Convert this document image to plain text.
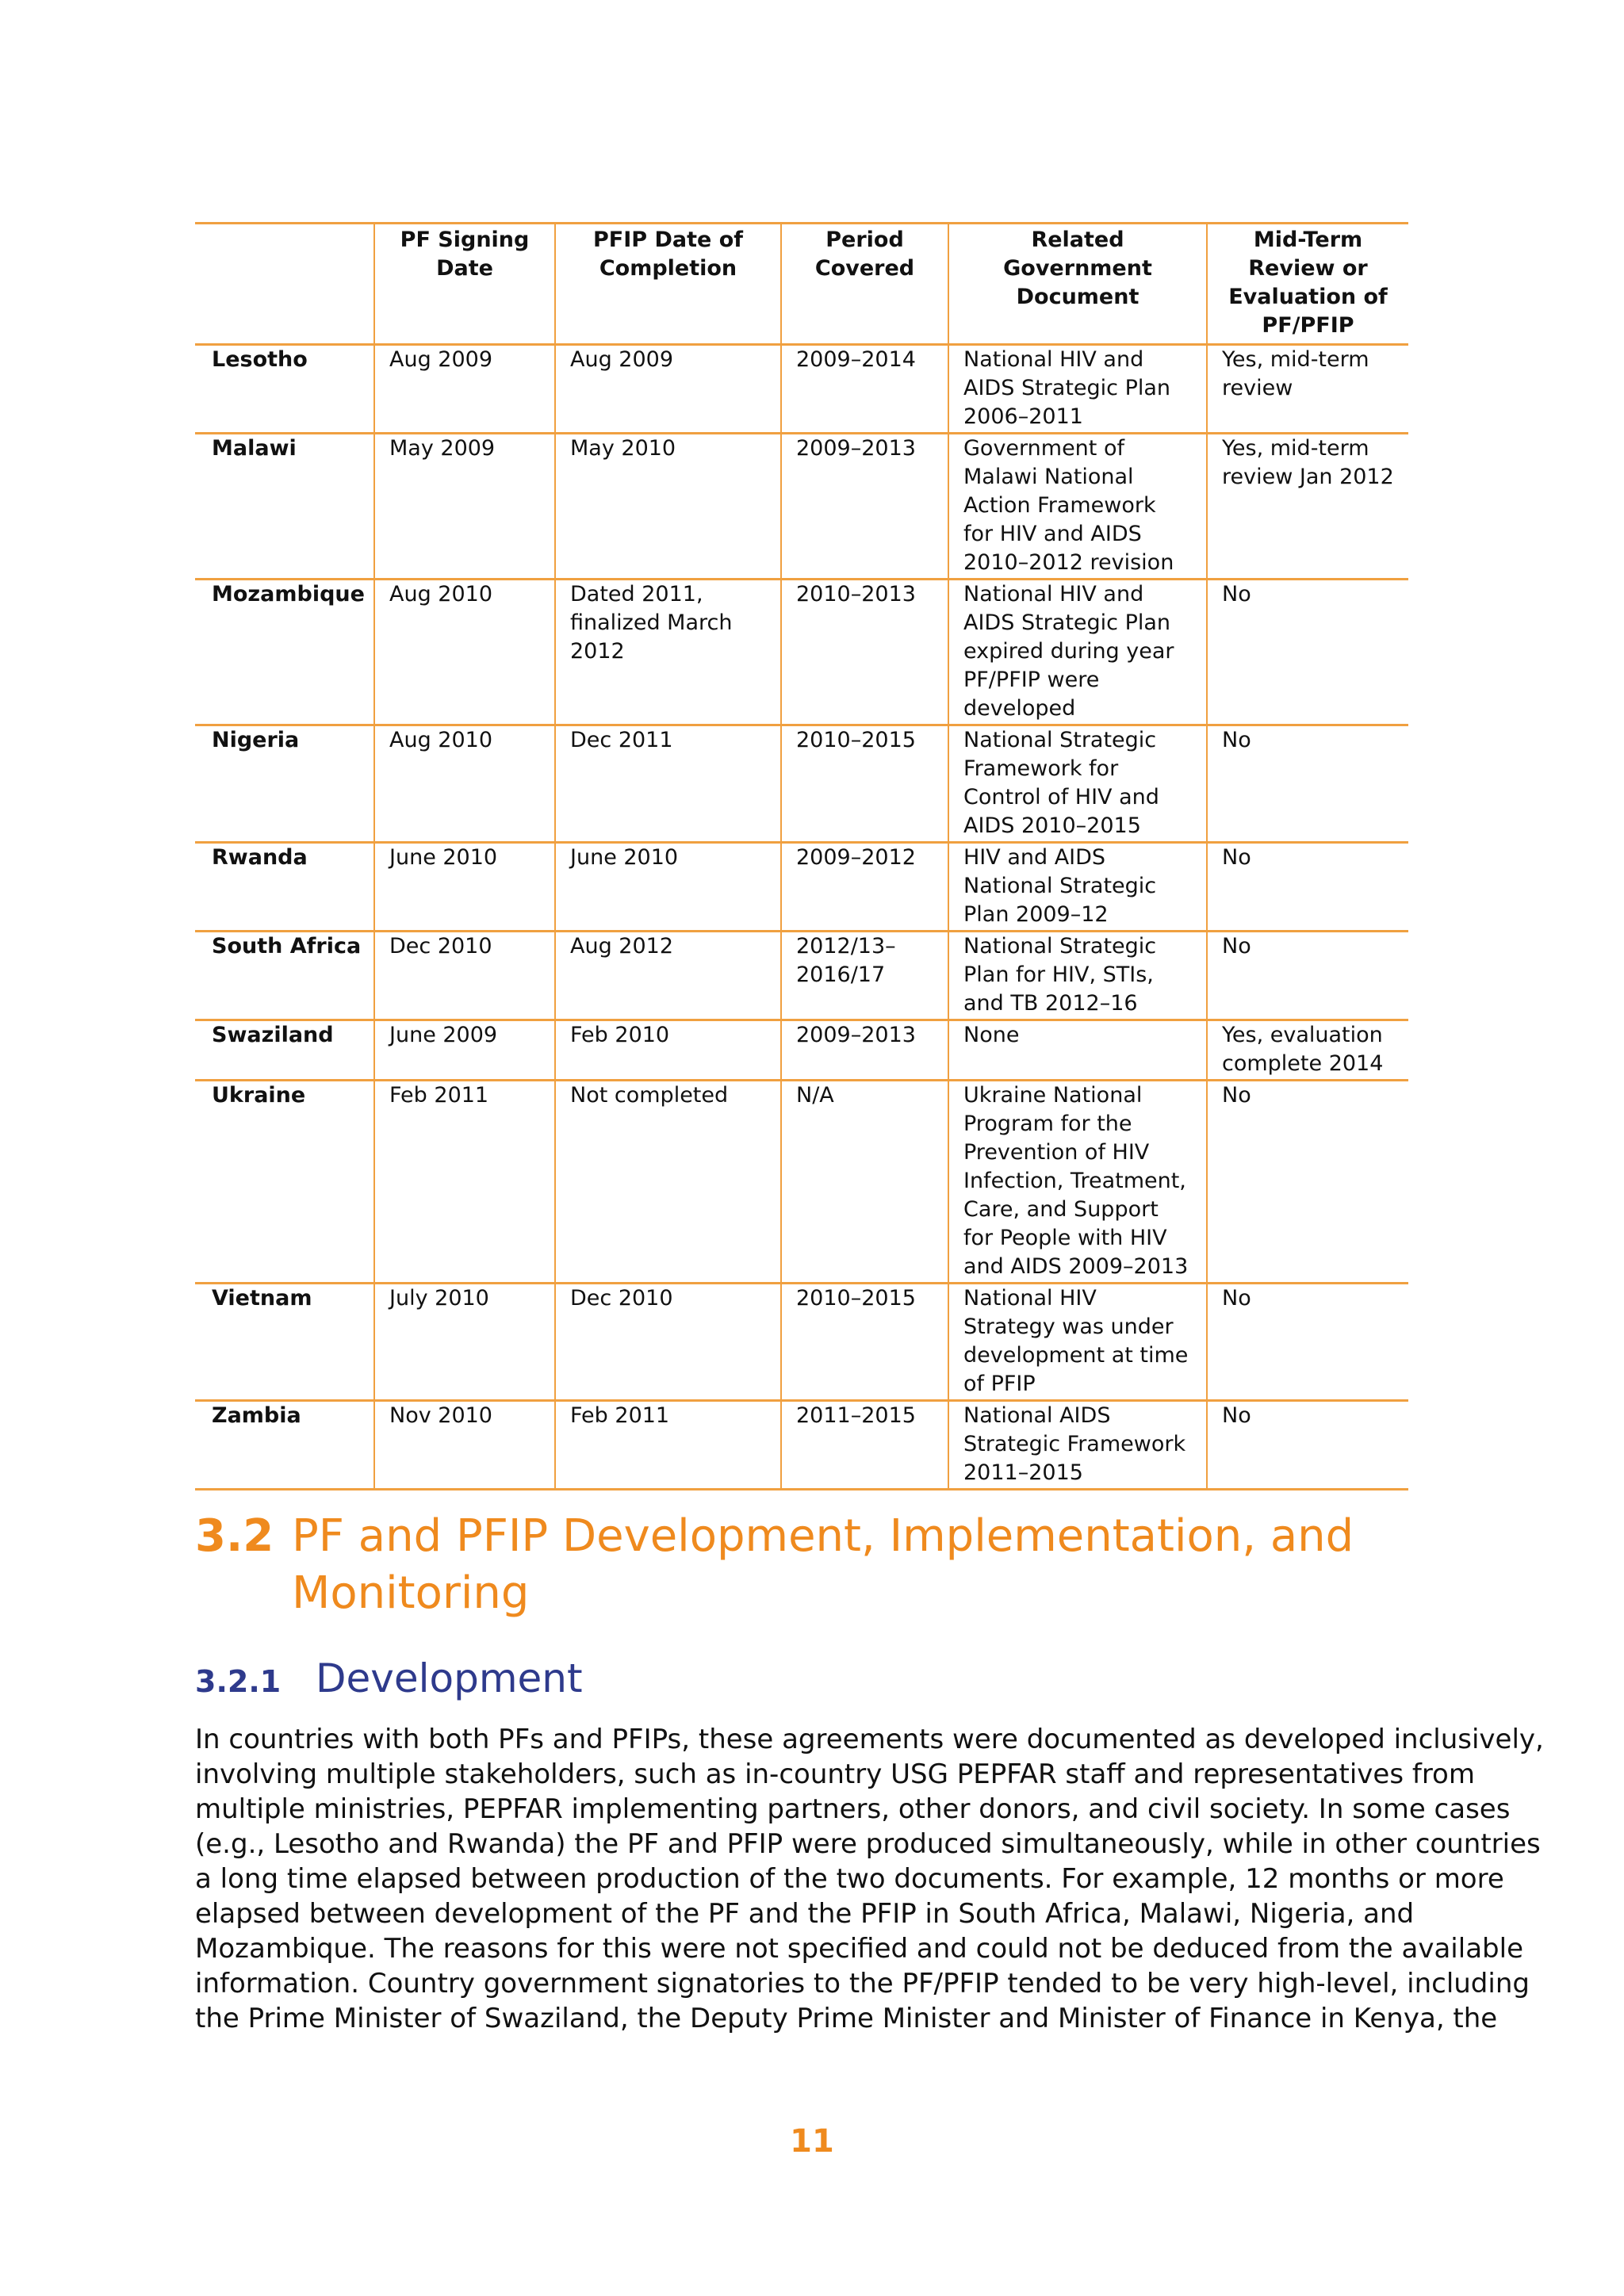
	PF Signing Date	PFIP Date of Completion	Period Covered	Related Government Document	Mid-Term Review or Evaluation of PF/PFIP
Lesotho	Aug 2009	Aug 2009	2009–2014	National HIV and AIDS Strategic Plan 2006–2011	Yes, mid-term review
Malawi	May 2009	May 2010	2009–2013	Government of Malawi National Action Framework for HIV and AIDS 2010–2012 revision	Yes, mid-term review Jan 2012
Mozambique	Aug 2010	Dated 2011, finalized March 2012	2010–2013	National HIV and AIDS Strategic Plan expired during year PF/PFIP were developed	No
Nigeria	Aug 2010	Dec 2011	2010–2015	National Strategic Framework for Control of HIV and AIDS 2010–2015	No
Rwanda	June 2010	June 2010	2009–2012	HIV and AIDS National Strategic Plan 2009–12	No
South Africa	Dec 2010	Aug 2012	2012/13–2016/17	National Strategic Plan for HIV, STIs, and TB 2012–16	No
Swaziland	June 2009	Feb 2010	2009–2013	None	Yes, evaluation complete 2014
Ukraine	Feb 2011	Not completed	N/A	Ukraine National Program for the Prevention of HIV Infection, Treatment, Care, and Support for People with HIV and AIDS 2009–2013	No
Vietnam	July 2010	Dec 2010	2010–2015	National HIV Strategy was under development at time of PFIP	No
Zambia	Nov 2010	Feb 2011	2011–2015	National AIDS Strategic Framework 2011–2015	No
3.2 PF and PFIP Development, Implementation, and
Monitoring
3.2.1 Development
In countries with both PFs and PFIPs, these agreements were documented as developed inclusively,
involving multiple stakeholders, such as in-country USG PEPFAR staff and representatives from
multiple ministries, PEPFAR implementing partners, other donors, and civil society. In some cases
(e.g., Lesotho and Rwanda) the PF and PFIP were produced simultaneously, while in other countries
a long time elapsed between production of the two documents. For example, 12 months or more
elapsed between development of the PF and the PFIP in South Africa, Malawi, Nigeria, and
Mozambique. The reasons for this were not specified and could not be deduced from the available
information. Country government signatories to the PF/PFIP tended to be very high-level, including
the Prime Minister of Swaziland, the Deputy Prime Minister and Minister of Finance in Kenya, the
11
